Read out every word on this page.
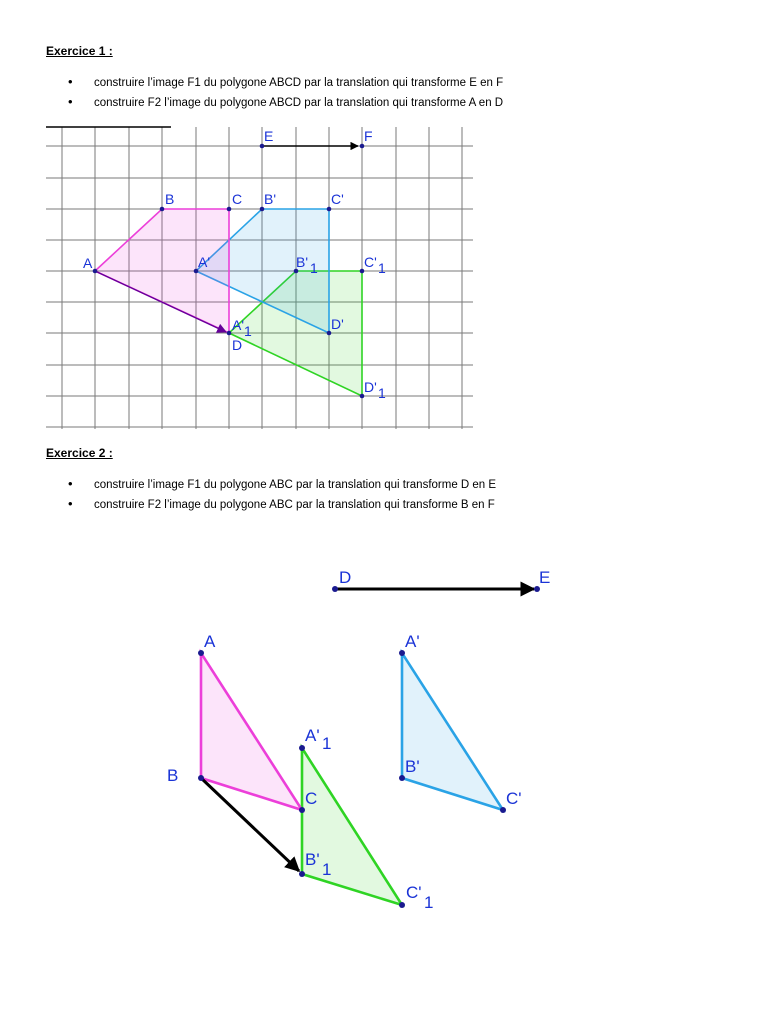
Exercice 1 :

• construire l’image F1 du polygone ABCD par la translation qui transforme E en F
• construire F2 l’image du polygone ABCD par la translation qui transforme A en D
E	F
A
B	C
D
A'
B'	C'
D'
A' 1
B' 1	C' 1
D' 1

Exercice 2 :

• construire l’image F1 du polygone ABC par la translation qui transforme D en E
• construire F2 l’image du polygone ABC par la translation qui transforme B en F
D	E
A
B
C
A'
B'
C'
A' 1
B'
1
C'
1
